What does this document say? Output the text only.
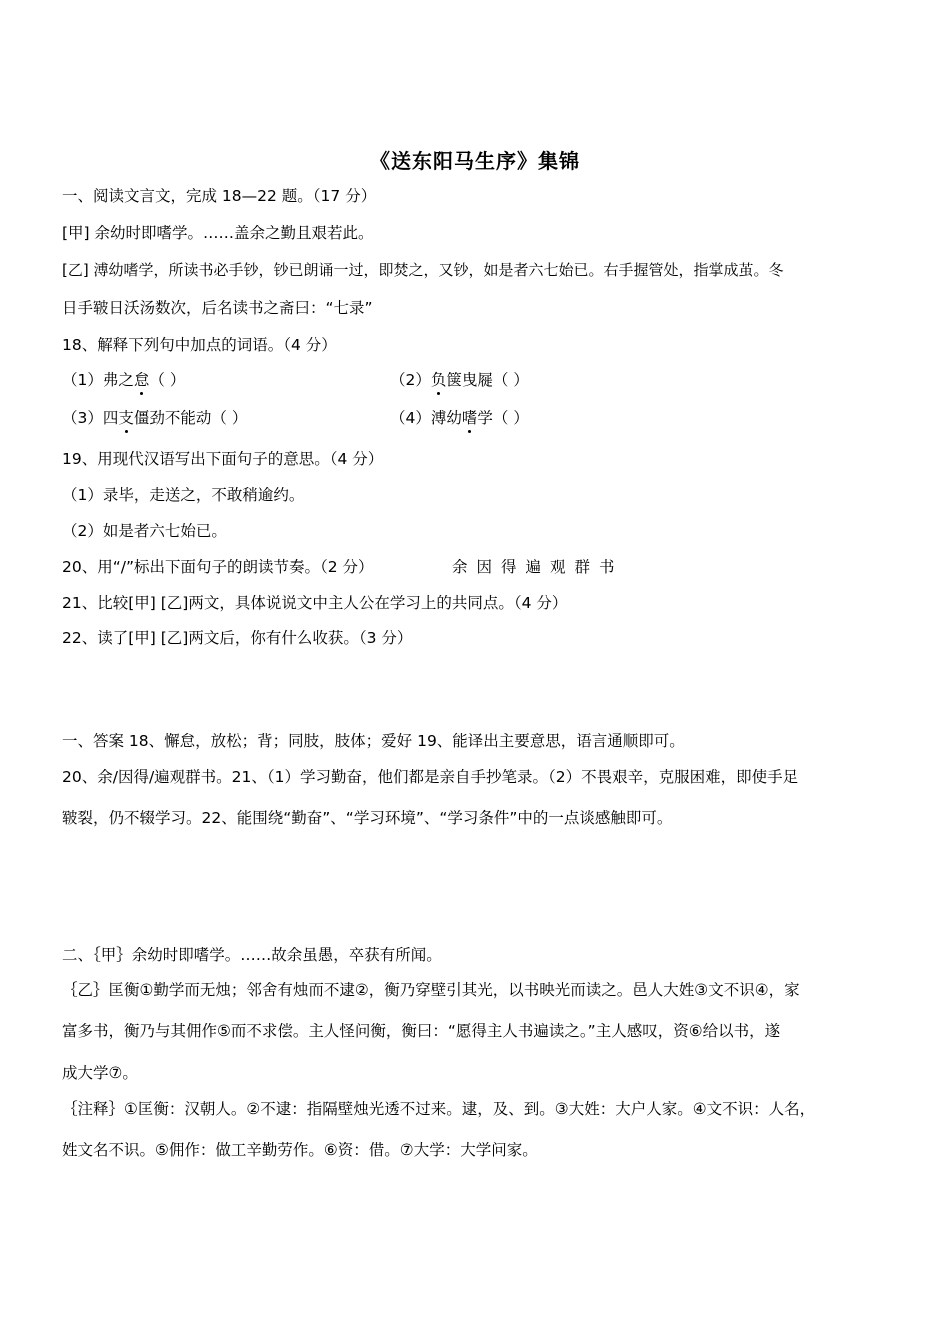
《送东阳马生序》集锦
一、阅读文言文，完成 18—22 题。（17 分）
[甲] 余幼时即嗜学。……盖余之勤且艰若此。
[乙] 溥幼嗜学，所读书必手钞，钞已朗诵一过，即焚之，又钞，如是者六七始已。右手握管处，指掌成茧。冬
日手皲日沃汤数次，后名读书之斋曰：“七录”
18、解释下列句中加点的词语。（4 分）
（1）弗之怠（ ）	（2）负箧曳屣（ ）
（3）四支僵劲不能动（ ）	（4）溥幼嗜学（ ）
19、用现代汉语写出下面句子的意思。（4 分）
（1）录毕，走送之，不敢稍逾约。
（2）如是者六七始已。
20、用“/”标出下面句子的朗读节奏。（2 分）	余因得遍观群书
21、比较[甲] [乙]两文，具体说说文中主人公在学习上的共同点。（4 分）
22、读了[甲] [乙]两文后，你有什么收获。（3 分）
一、答案 18、懈怠，放松；背；同肢，肢体；爱好 19、能译出主要意思，语言通顺即可。
20、余/因得/遍观群书。21、（1）学习勤奋，他们都是亲自手抄笔录。（2）不畏艰辛，克服困难，即使手足
皲裂，仍不辍学习。22、能围绕“勤奋”、“学习环境”、“学习条件”中的一点谈感触即可。
二、｛甲｝余幼时即嗜学。……故余虽愚，卒获有所闻。
｛乙｝匡衡①勤学而无烛；邻舍有烛而不逮②，衡乃穿壁引其光，以书映光而读之。邑人大姓③文不识④，家
富多书，衡乃与其佣作⑤而不求偿。主人怪问衡，衡曰：“愿得主人书遍读之。”主人感叹，资⑥给以书，遂
成大学⑦。
｛注释｝①匡衡：汉朝人。②不逮：指隔壁烛光透不过来。逮，及、到。③大姓：大户人家。④文不识：人名，
姓文名不识。⑤佣作：做工辛勤劳作。⑥资：借。⑦大学：大学问家。
